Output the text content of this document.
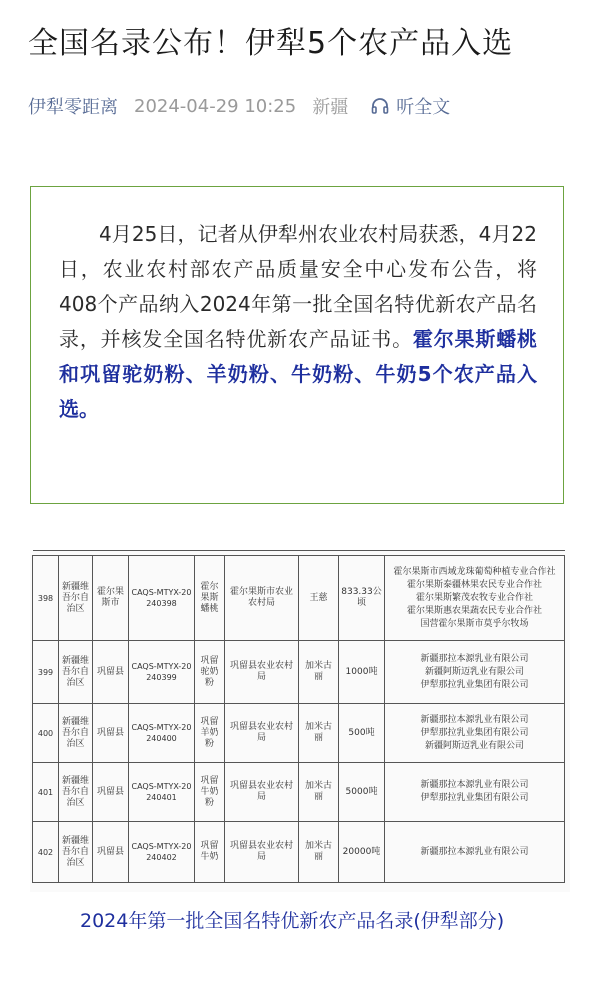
全国名录公布！伊犁5个农产品入选
伊犁零距离 2024-04-29 10:25 新疆	听全文

4月25日，记者从伊犁州农业农村局获悉，4月22日，农业农村部农产品质量安全中心发布公告，将408个产品纳入2024年第一批全国名特优新农产品名录，并核发全国名特优新农产品证书。霍尔果斯蟠桃和巩留驼奶粉、羊奶粉、牛奶粉、牛奶5个农产品入选。

398	新疆维吾尔自治区	霍尔果斯市	CAQS-MTYX-20240398	霍尔果斯蟠桃	霍尔果斯市农业农村局	王慈	833.33公顷	霍尔果斯市西域龙珠葡萄种植专业合作社
霍尔果斯泰疆林果农民专业合作社
霍尔果斯繁茂农牧专业合作社
霍尔果斯惠农果蔬农民专业合作社
国营霍尔果斯市莫乎尔牧场

399	新疆维吾尔自治区	巩留县	CAQS-MTYX-20240399	巩留驼奶粉	巩留县农业农村局	加米古丽	1000吨	新疆那拉本源乳业有限公司
新疆阿斯迈乳业有限公司
伊犁那拉乳业集团有限公司

400	新疆维吾尔自治区	巩留县	CAQS-MTYX-20240400	巩留羊奶粉	巩留县农业农村局	加米古丽	500吨	新疆那拉本源乳业有限公司
伊犁那拉乳业集团有限公司
新疆阿斯迈乳业有限公司

401	新疆维吾尔自治区	巩留县	CAQS-MTYX-20240401	巩留牛奶粉	巩留县农业农村局	加米古丽	5000吨	新疆那拉本源乳业有限公司
伊犁那拉乳业集团有限公司

402	新疆维吾尔自治区	巩留县	CAQS-MTYX-20240402	巩留牛奶	巩留县农业农村局	加米古丽	20000吨	新疆那拉本源乳业有限公司
2024年第一批全国名特优新农产品名录(伊犁部分)
